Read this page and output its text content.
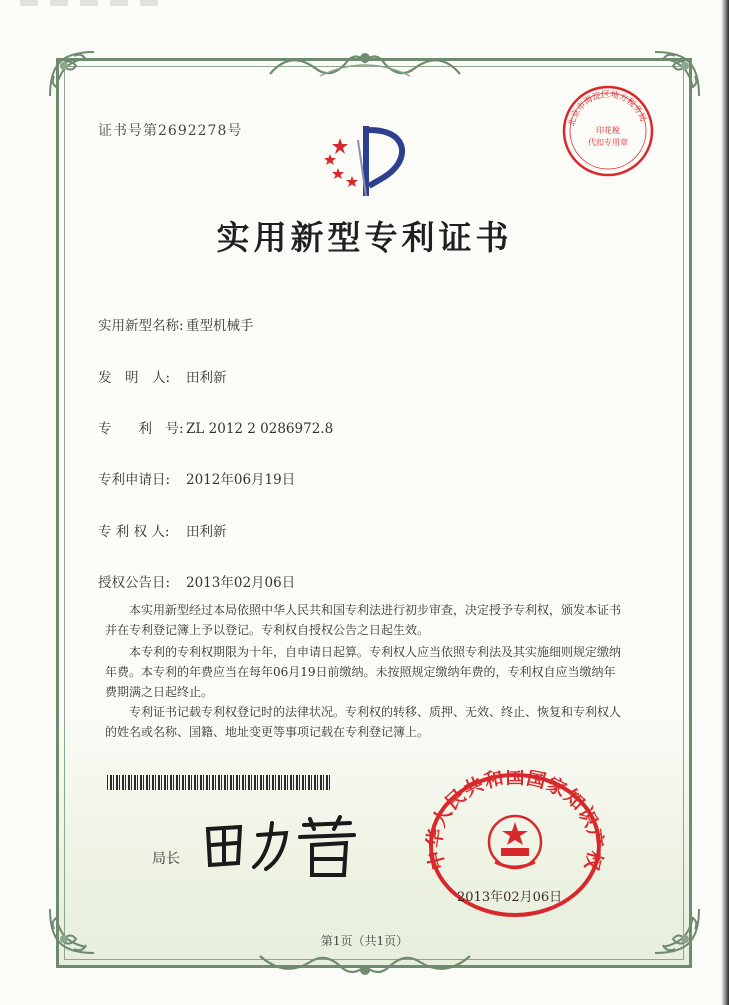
证书号第2692278号
北京市海淀区地方税务局
印花税
代扣专用章
实用新型专利证书
实用新型名称: 重型机械手
发　明　人: 田利新
专　　利　号: ZL 2012 2 0286972.8
专利申请日: 2012年06月19日
专 利 权 人: 田利新
授权公告日: 2013年02月06日
本实用新型经过本局依照中华人民共和国专利法进行初步审查，决定授予专利权，颁发本证书并在专利登记簿上予以登记。专利权自授权公告之日起生效。
本专利的专利权期限为十年，自申请日起算。专利权人应当依照专利法及其实施细则规定缴纳年费。本专利的年费应当在每年06月19日前缴纳。未按照规定缴纳年费的，专利权自应当缴纳年费期满之日起终止。
专利证书记载专利权登记时的法律状况。专利权的转移、质押、无效、终止、恢复和专利权人的姓名或名称、国籍、地址变更等事项记载在专利登记簿上。
局长	中华人民共和国国家知识产权
2013年02月06日
第1页（共1页）
